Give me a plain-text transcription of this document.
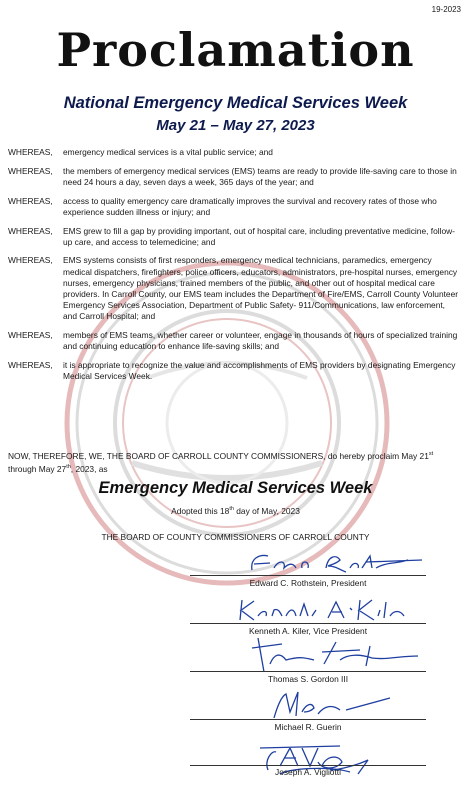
19-2023
Proclamation
National Emergency Medical Services Week
May 21 – May 27, 2023
WHEREAS,	emergency medical services is a vital public service; and
WHEREAS,	the members of emergency medical services (EMS) teams are ready to provide life-saving care to those in need 24 hours a day, seven days a week, 365 days of the year; and
WHEREAS,	access to quality emergency care dramatically improves the survival and recovery rates of those who experience sudden illness or injury; and
WHEREAS,	EMS grew to fill a gap by providing important, out of hospital care, including preventative medicine, follow-up care, and access to telemedicine; and
WHEREAS,	EMS systems consists of first responders, emergency medical technicians, paramedics, emergency medical dispatchers, firefighters, police officers, educators, administrators, pre-hospital nurses, emergency nurses, emergency physicians, trained members of the public, and other out of hospital medical care providers. In Carroll County, our EMS team includes the Department of Fire/EMS, Carroll County Volunteer Emergency Services Association, Department of Public Safety- 911/Communications, law enforcement, and Carroll Hospital; and
WHEREAS,	members of EMS teams, whether career or volunteer, engage in thousands of hours of specialized training and continuing education to enhance life-saving skills; and
WHEREAS,	it is appropriate to recognize the value and accomplishments of EMS providers by designating Emergency Medical Services Week.
NOW, THEREFORE, WE, THE BOARD OF CARROLL COUNTY COMMISSIONERS, do hereby proclaim May 21st through May 27th, 2023, as
Emergency Medical Services Week
Adopted this 18th day of May, 2023
THE BOARD OF COUNTY COMMISSIONERS OF CARROLL COUNTY
Edward C. Rothstein, President
Kenneth A. Kiler, Vice President
Thomas S. Gordon III
Michael R. Guerin
Joseph A. Vigliotti
